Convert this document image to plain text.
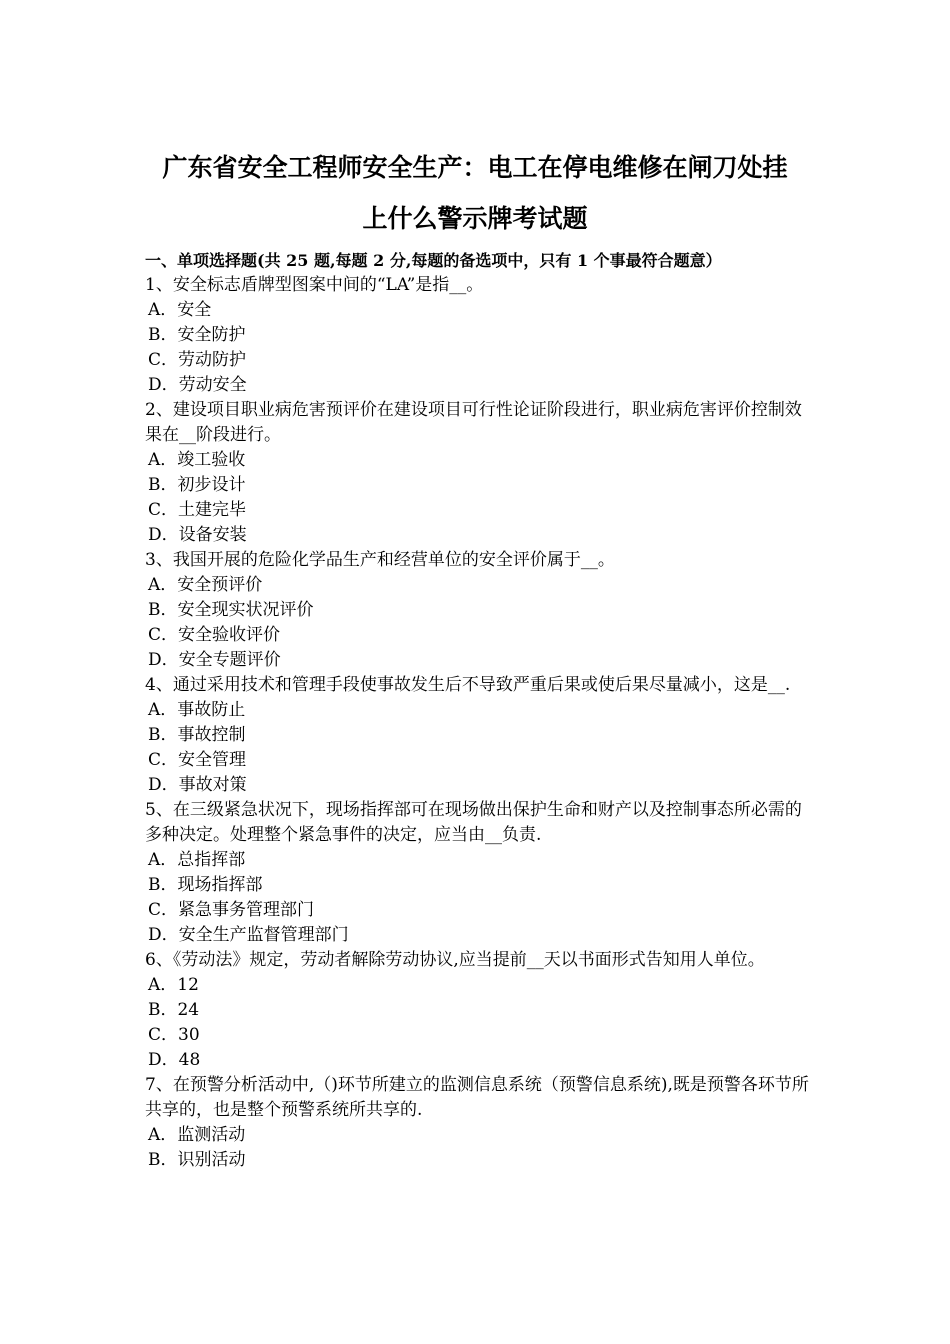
广东省安全工程师安全生产：电工在停电维修在闸刀处挂
上什么警示牌考试题
一、单项选择题(共 25 题,每题 2 分,每题的备选项中，只有 1 个事最符合题意）
1、安全标志盾牌型图案中间的“LA”是指__。
A．安全
B．安全防护
C．劳动防护
D．劳动安全
2、建设项目职业病危害预评价在建设项目可行性论证阶段进行，职业病危害评价控制效果在__阶段进行。
A．竣工验收
B．初步设计
C．土建完毕
D．设备安装
3、我国开展的危险化学品生产和经营单位的安全评价属于__。
A．安全预评价
B．安全现实状况评价
C．安全验收评价
D．安全专题评价
4、通过采用技术和管理手段使事故发生后不导致严重后果或使后果尽量减小，这是__.
A．事故防止
B．事故控制
C．安全管理
D．事故对策
5、在三级紧急状况下，现场指挥部可在现场做出保护生命和财产以及控制事态所必需的多种决定。处理整个紧急事件的决定，应当由__负责.
A．总指挥部
B．现场指挥部
C．紧急事务管理部门
D．安全生产监督管理部门
6、《劳动法》规定，劳动者解除劳动协议,应当提前__天以书面形式告知用人单位。
A．12
B．24
C．30
D．48
7、在预警分析活动中,（)环节所建立的监测信息系统（预警信息系统),既是预警各环节所共享的，也是整个预警系统所共享的.
A．监测活动
B．识别活动
